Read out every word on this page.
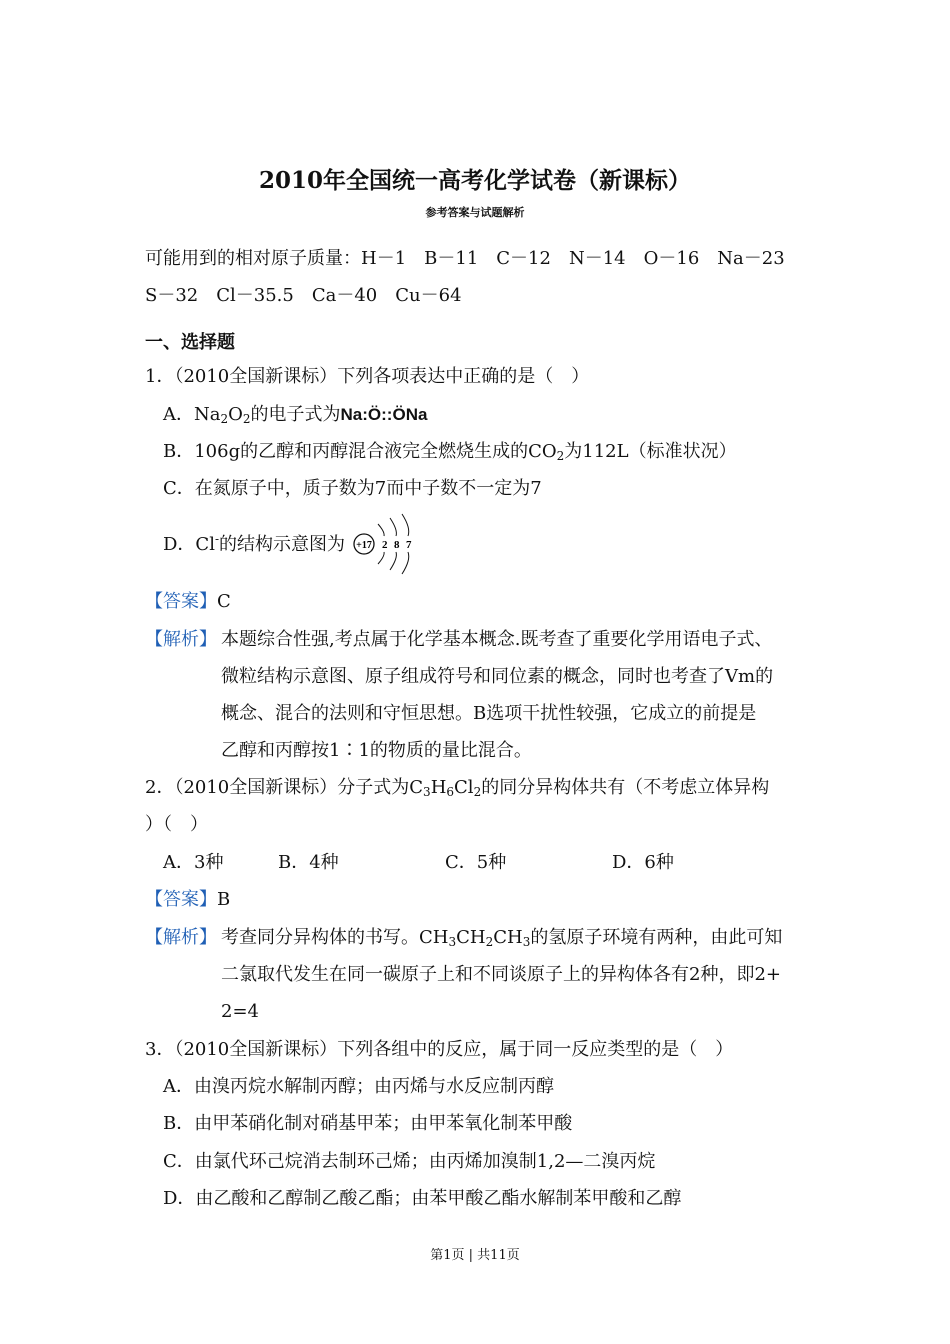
2010年全国统一高考化学试卷（新课标）
参考答案与试题解析
可能用到的相对原子质量：H－1　B－11　C－12　N－14　O－16　Na－23
S－32　Cl－35.5　Ca－40　Cu－64
一、选择题
1．（2010全国新课标）下列各项表达中正确的是（　）
A．$Na_2O_2$的电子式为Na:Ö::ÖNa
B．106g的乙醇和丙醇混合液完全燃烧生成的$CO_2$为112L（标准状况）
C．在氮原子中，质子数为7而中子数不一定为7
D．Cl-的结构示意图为 +17 2 8 7
【答案】C
【解析】 本题综合性强,考点属于化学基本概念.既考查了重要化学用语电子式、
微粒结构示意图、原子组成符号和同位素的概念，同时也考查了Vm的
概念、混合的法则和守恒思想。B选项干扰性较强，它成立的前提是
乙醇和丙醇按1∶1的物质的量比混合。
2．（2010全国新课标）分子式为$C_3H_6Cl_2$的同分异构体共有（不考虑立体异构
）（　）
A．3种	B．4种	C．5种	D．6种
【答案】B
【解析】 考查同分异构体的书写。$CH_3CH_2CH_3$的氢原子环境有两种，由此可知
二氯取代发生在同一碳原子上和不同谈原子上的异构体各有2种，即2+
2=4
3．（2010全国新课标）下列各组中的反应，属于同一反应类型的是（　）
A．由溴丙烷水解制丙醇；由丙烯与水反应制丙醇
B．由甲苯硝化制对硝基甲苯；由甲苯氧化制苯甲酸
C．由氯代环己烷消去制环己烯；由丙烯加溴制1,2—二溴丙烷
D．由乙酸和乙醇制乙酸乙酯；由苯甲酸乙酯水解制苯甲酸和乙醇
第1页 | 共11页
